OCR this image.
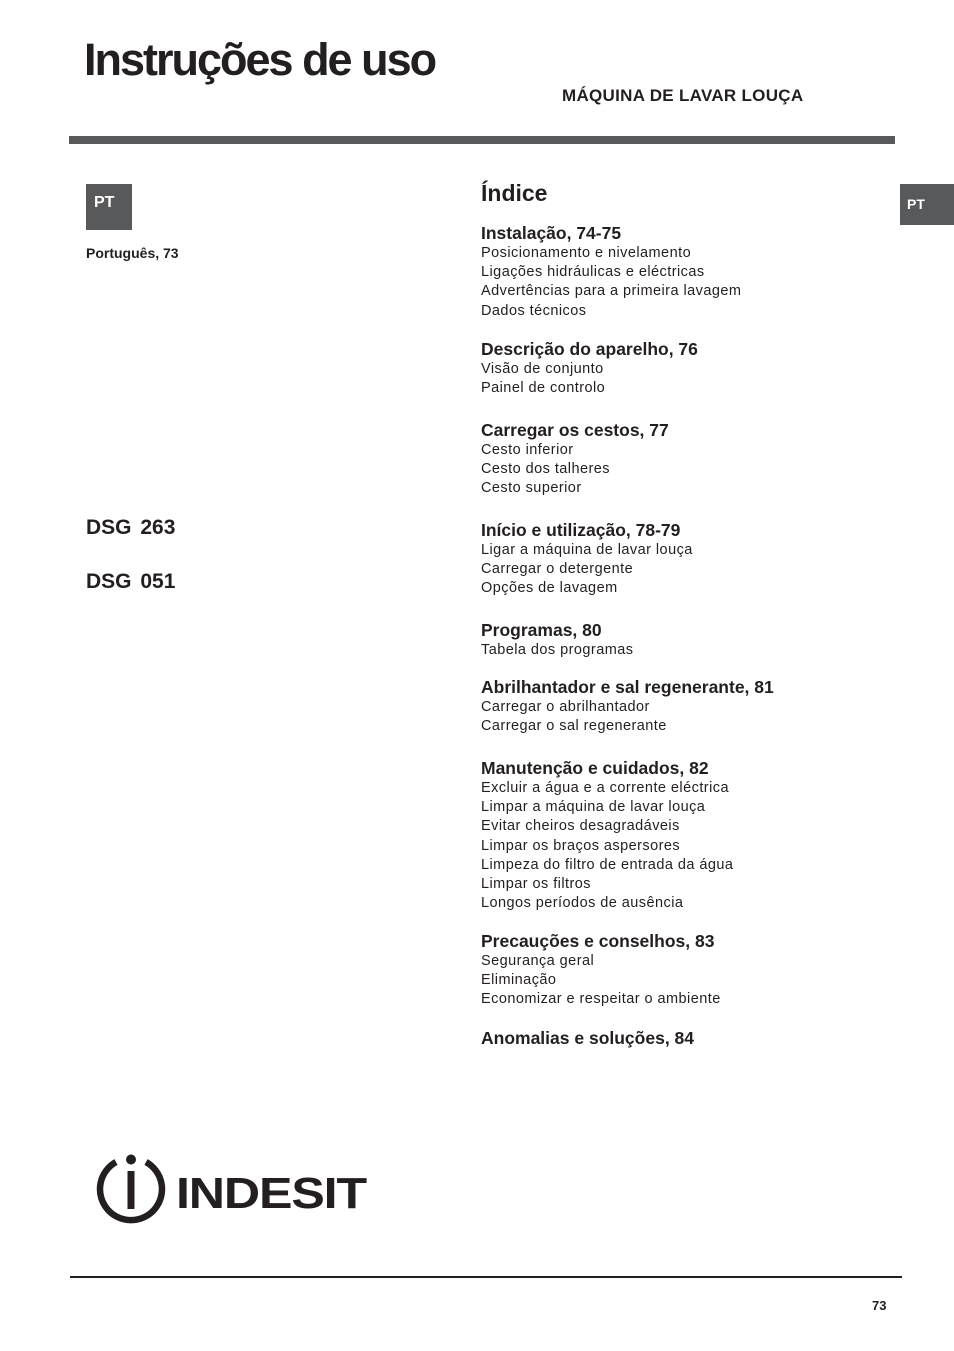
Instruções de uso
MÁQUINA DE LAVAR LOUÇA
PT
Português, 73
PT
DSG 263
DSG 051
Índice
Instalação, 74-75
Posicionamento e nivelamento
Ligações hidráulicas e eléctricas
Advertências para a primeira lavagem
Dados técnicos
Descrição do aparelho, 76
Visão de conjunto
Painel de controlo
Carregar os cestos, 77
Cesto inferior
Cesto dos talheres
Cesto superior
Início e utilização, 78-79
Ligar a máquina de lavar louça
Carregar o detergente
Opções de lavagem
Programas, 80
Tabela dos programas
Abrilhantador e sal regenerante, 81
Carregar o abrilhantador
Carregar o sal regenerante
Manutenção e cuidados, 82
Excluir a água e a corrente eléctrica
Limpar a máquina de lavar louça
Evitar cheiros desagradáveis
Limpar os braços aspersores
Limpeza do filtro de entrada da água
Limpar os filtros
Longos períodos de ausência
Precauções e conselhos, 83
Segurança geral
Eliminação
Economizar e respeitar o ambiente
Anomalias e soluções, 84
INDESIT
73
